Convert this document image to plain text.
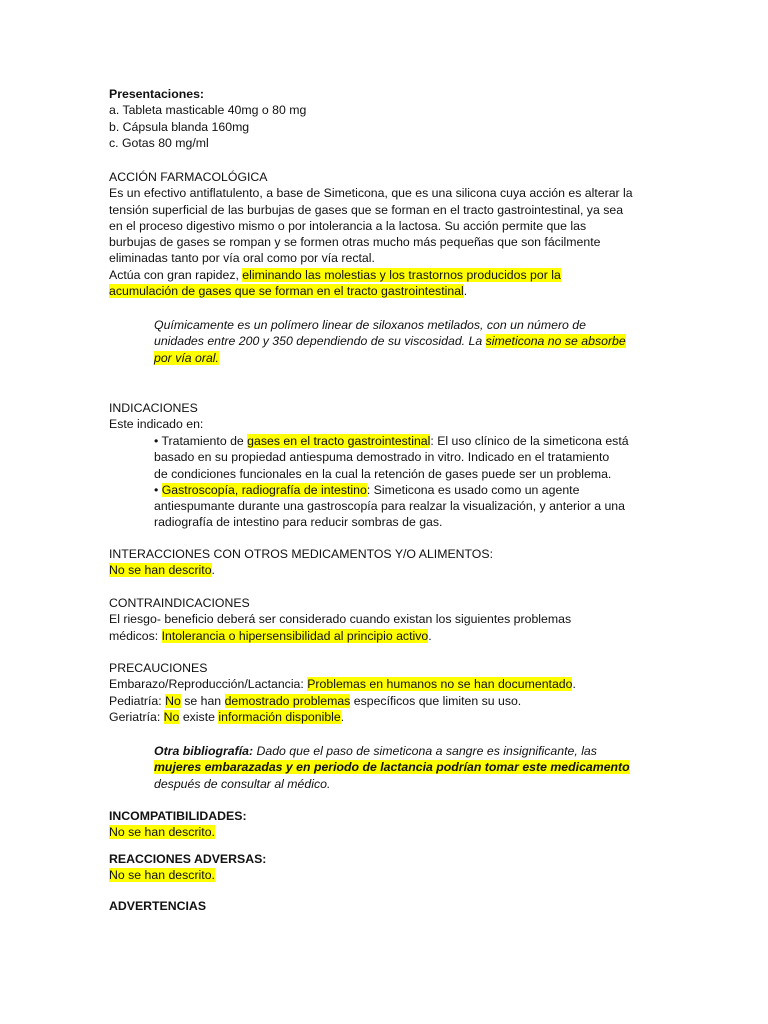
Presentaciones:

a. Tableta masticable 40mg o 80 mg

b. Cápsula blanda 160mg

c. Gotas 80 mg/ml

ACCIÓN FARMACOLÓGICA

Es un efectivo antiflatulento, a base de Simeticona, que es una silicona cuya acción es alterar la

tensión superficial de las burbujas de gases que se forman en el tracto gastrointestinal, ya sea

en el proceso digestivo mismo o por intolerancia a la lactosa. Su acción permite que las

burbujas de gases se rompan y se formen otras mucho más pequeñas que son fácilmente

eliminadas tanto por vía oral como por vía rectal.

Actúa con gran rapidez, eliminando las molestias y los trastornos producidos por la

acumulación de gases que se forman en el tracto gastrointestinal.

Químicamente es un polímero linear de siloxanos metilados, con un número de

unidades entre 200 y 350 dependiendo de su viscosidad. La simeticona no se absorbe

por vía oral.

INDICACIONES

Este indicado en:

• Tratamiento de gases en el tracto gastrointestinal: El uso clínico de la simeticona está

basado en su propiedad antiespuma demostrado in vitro. Indicado en el tratamiento

de condiciones funcionales en la cual la retención de gases puede ser un problema.

• Gastroscopía, radiografía de intestino: Simeticona es usado como un agente

antiespumante durante una gastroscopía para realzar la visualización, y anterior a una

radiografía de intestino para reducir sombras de gas.

INTERACCIONES CON OTROS MEDICAMENTOS Y/O ALIMENTOS:

No se han descrito.

CONTRAINDICACIONES

El riesgo- beneficio deberá ser considerado cuando existan los siguientes problemas

médicos: Intolerancia o hipersensibilidad al principio activo.

PRECAUCIONES

Embarazo/Reproducción/Lactancia: Problemas en humanos no se han documentado.

Pediatría: No se han demostrado problemas específicos que limiten su uso.

Geriatría: No existe información disponible.

Otra bibliografía: Dado que el paso de simeticona a sangre es insignificante, las

mujeres embarazadas y en periodo de lactancia podrían tomar este medicamento

después de consultar al médico.

INCOMPATIBILIDADES:

No se han descrito.

REACCIONES ADVERSAS:

No se han descrito.

ADVERTENCIAS
